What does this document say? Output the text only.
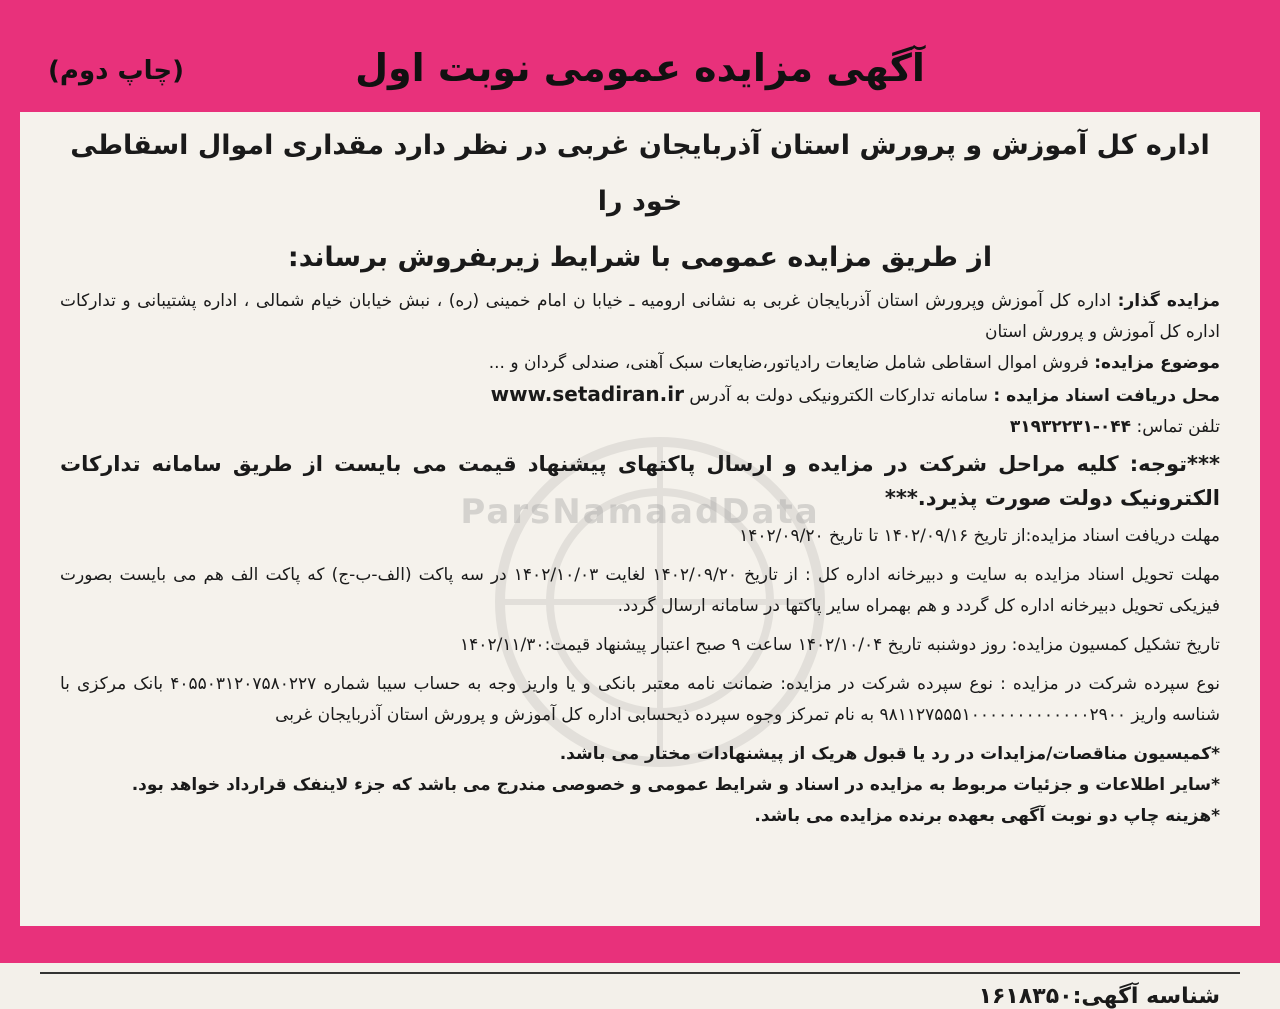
آگهی مزایده عمومی نوبت اول
(چاپ دوم)
ParsNamaadData
اداره کل آموزش و پرورش استان آذربایجان غربی در نظر دارد مقداری اموال اسقاطی خود را
از طریق مزایده عمومی با شرایط زیربفروش برساند:

مزایده گذار: اداره کل آموزش وپرورش استان آذربایجان غربی به نشانی ارومیه ـ خیابا ن امام خمینی (ره) ، نبش خیابان خیام شمالی ، اداره پشتیبانی و تدارکات اداره کل آموزش و پرورش استان

موضوع مزایده: فروش اموال اسقاطی شامل ضایعات رادیاتور،ضایعات سبک آهنی، صندلی گردان و ...

محل دریافت اسناد مزایده : سامانه تدارکات الکترونیکی دولت به آدرس www.setadiran.ir

تلفن تماس: ۰۴۴-۳۱۹۳۲۲۳۱

***توجه: کلیه مراحل شرکت در مزایده و ارسال پاکتهای پیشنهاد قیمت می بایست از طریق سامانه تدارکات الکترونیک دولت صورت پذیرد.***

مهلت دریافت اسناد مزایده:از تاریخ ۱۴۰۲/۰۹/۱۶ تا تاریخ ۱۴۰۲/۰۹/۲۰

مهلت تحویل اسناد مزایده به سایت و دبیرخانه اداره کل : از تاریخ ۱۴۰۲/۰۹/۲۰ لغایت ۱۴۰۲/۱۰/۰۳ در سه پاکت (الف-ب-ج) که پاکت الف هم می بایست بصورت فیزیکی تحویل دبیرخانه اداره کل گردد و هم بهمراه سایر پاکتها در سامانه ارسال گردد.

تاریخ تشکیل کمسیون مزایده: روز دوشنبه تاریخ ۱۴۰۲/۱۰/۰۴ ساعت ۹ صبح اعتبار پیشنهاد قیمت:۱۴۰۲/۱۱/۳۰

نوع سپرده شرکت در مزایده : نوع سپرده شرکت در مزایده: ضمانت نامه معتبر بانکی و یا واریز وجه به حساب سیبا شماره ۴۰۵۵۰۳۱۲۰۷۵۸۰۲۲۷ بانک مرکزی با شناسه واریز ۹۸۱۱۲۷۵۵۵۱۰۰۰۰۰۰۰۰۰۰۰۰۰۲۹۰۰ به نام تمرکز وجوه سپرده ذیحسابی اداره کل آموزش و پرورش استان آذربایجان غربی

*کمیسیون مناقصات/مزایدات در رد یا قبول هریک از پیشنهادات مختار می باشد.

*سایر اطلاعات و جزئیات مربوط به مزایده در اسناد و شرایط عمومی و خصوصی مندرج می باشد که جزء لاینفک قرارداد خواهد بود.

*هزینه چاپ دو نوبت آگهی بعهده برنده مزایده می باشد.

شناسه آگهی:۱۶۱۸۳۵۰
